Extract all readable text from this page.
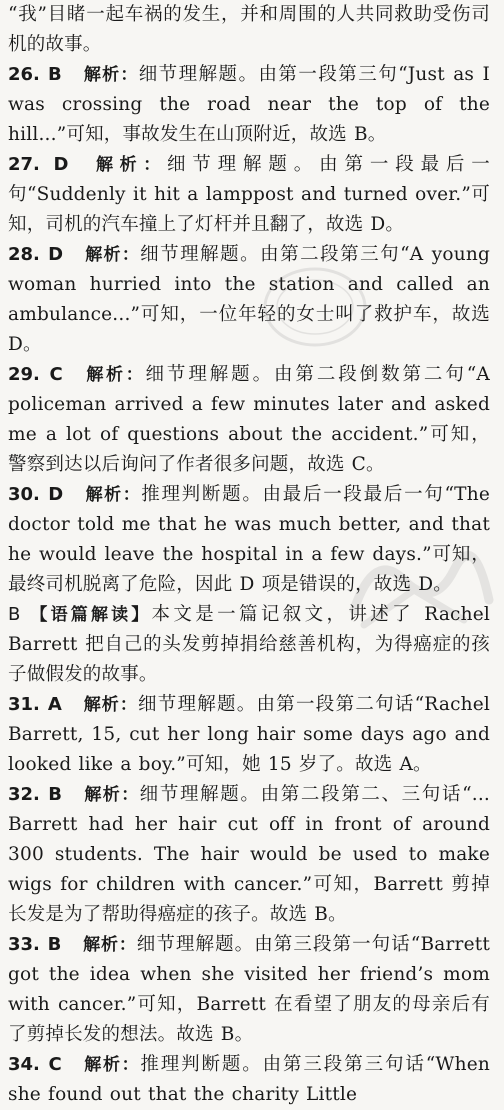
“我”目睹一起车祸的发生，并和周围的人共同救助受伤司机的故事。

26. B 解析：细节理解题。由第一段第三句“Just as I was crossing the road near the top of the hill...”可知，事故发生在山顶附近，故选 B。

27. D 解析：细节理解题。由第一段最后一句“Suddenly it hit a lamppost and turned over.”可知，司机的汽车撞上了灯杆并且翻了，故选 D。

28. D 解析：细节理解题。由第二段第三句“A young woman hurried into the station and called an ambulance...”可知，一位年轻的女士叫了救护车，故选 D。

29. C 解析：细节理解题。由第二段倒数第二句“A policeman arrived a few minutes later and asked me a lot of questions about the accident.”可知，警察到达以后询问了作者很多问题，故选 C。

30. D 解析：推理判断题。由最后一段最后一句“The doctor told me that he was much better, and that he would leave the hospital in a few days.”可知，最终司机脱离了危险，因此 D 项是错误的，故选 D。

B 【语篇解读】本文是一篇记叙文，讲述了 Rachel Barrett 把自己的头发剪掉捐给慈善机构，为得癌症的孩子做假发的故事。

31. A 解析：细节理解题。由第一段第二句话“Rachel Barrett, 15, cut her long hair some days ago and looked like a boy.”可知，她 15 岁了。故选 A。

32. B 解析：细节理解题。由第二段第二、三句话“... Barrett had her hair cut off in front of around 300 students. The hair would be used to make wigs for children with cancer.”可知，Barrett 剪掉长发是为了帮助得癌症的孩子。故选 B。

33. B 解析：细节理解题。由第三段第一句话“Barrett got the idea when she visited her friend’s mom with cancer.”可知，Barrett 在看望了朋友的母亲后有了剪掉长发的想法。故选 B。

34. C 解析：推理判断题。由第三段第三句话“When she found out that the charity Little
